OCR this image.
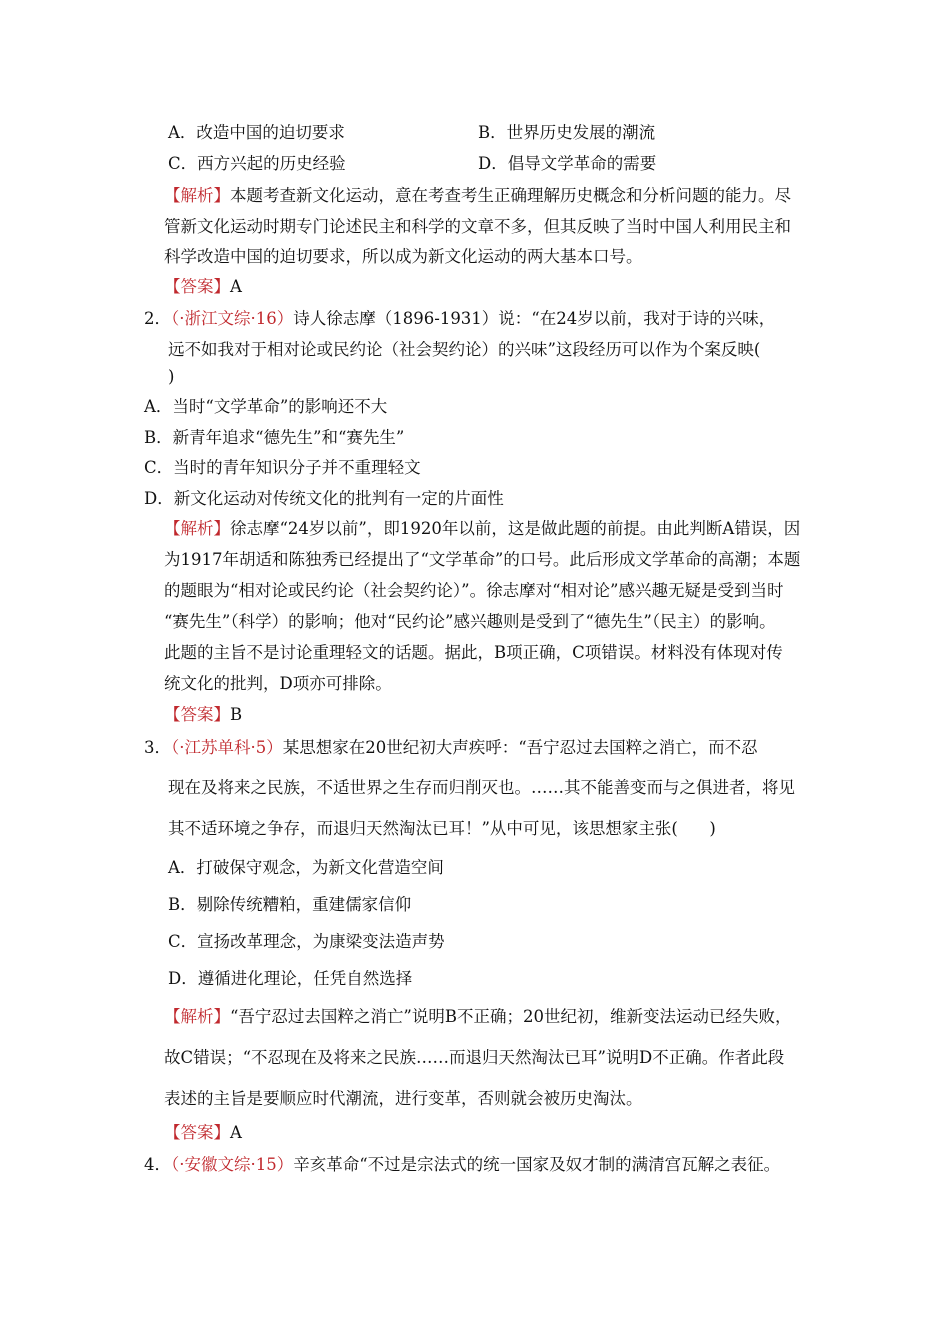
A．改造中国的迫切要求	B．世界历史发展的潮流
C．西方兴起的历史经验	D．倡导文学革命的需要
【解析】本题考查新文化运动，意在考查考生正确理解历史概念和分析问题的能力。尽
管新文化运动时期专门论述民主和科学的文章不多，但其反映了当时中国人利用民主和
科学改造中国的迫切要求，所以成为新文化运动的两大基本口号。
【答案】A
2．（·浙江文综·16）诗人徐志摩（1896-1931）说：“在24岁以前，我对于诗的兴味，
远不如我对于相对论或民约论（社会契约论）的兴味”这段经历可以作为个案反映(
)
A．当时“文学革命”的影响还不大
B．新青年追求“德先生”和“赛先生”
C．当时的青年知识分子并不重理轻文
D．新文化运动对传统文化的批判有一定的片面性
【解析】徐志摩“24岁以前”，即1920年以前，这是做此题的前提。由此判断A错误，因
为1917年胡适和陈独秀已经提出了“文学革命”的口号。此后形成文学革命的高潮；本题
的题眼为“相对论或民约论（社会契约论）”。徐志摩对“相对论”感兴趣无疑是受到当时
“赛先生”（科学）的影响；他对“民约论”感兴趣则是受到了“德先生”（民主）的影响。
此题的主旨不是讨论重理轻文的话题。据此，B项正确，C项错误。材料没有体现对传
统文化的批判，D项亦可排除。
【答案】B
3．（·江苏单科·5）某思想家在20世纪初大声疾呼：“吾宁忍过去国粹之消亡，而不忍
现在及将来之民族，不适世界之生存而归削灭也。……其不能善变而与之俱进者，将见
其不适环境之争存，而退归天然淘汰已耳！”从中可见，该思想家主张(      )
A．打破保守观念，为新文化营造空间
B．剔除传统糟粕，重建儒家信仰
C．宣扬改革理念，为康梁变法造声势
D．遵循进化理论，任凭自然选择
【解析】“吾宁忍过去国粹之消亡”说明B不正确；20世纪初，维新变法运动已经失败，
故C错误；“不忍现在及将来之民族……而退归天然淘汰已耳”说明D不正确。作者此段
表述的主旨是要顺应时代潮流，进行变革，否则就会被历史淘汰。
【答案】A
4．（·安徽文综·15）辛亥革命“不过是宗法式的统一国家及奴才制的满清宫瓦解之表征。
